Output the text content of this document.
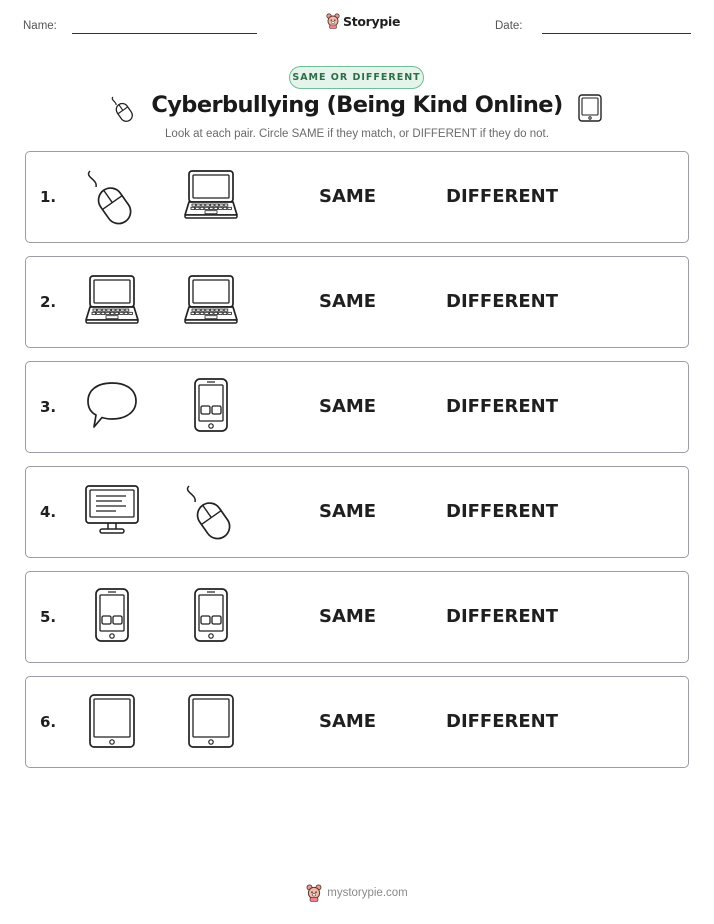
Name:	Storypie	Date:
SAME OR DIFFERENT
Cyberbullying (Being Kind Online)
Look at each pair. Circle SAME if they match, or DIFFERENT if they do not.
1.	SAME	DIFFERENT
2.	SAME	DIFFERENT
3.	SAME	DIFFERENT
4.	SAME	DIFFERENT
5.	SAME	DIFFERENT
6.	SAME	DIFFERENT
mystorypie.com
